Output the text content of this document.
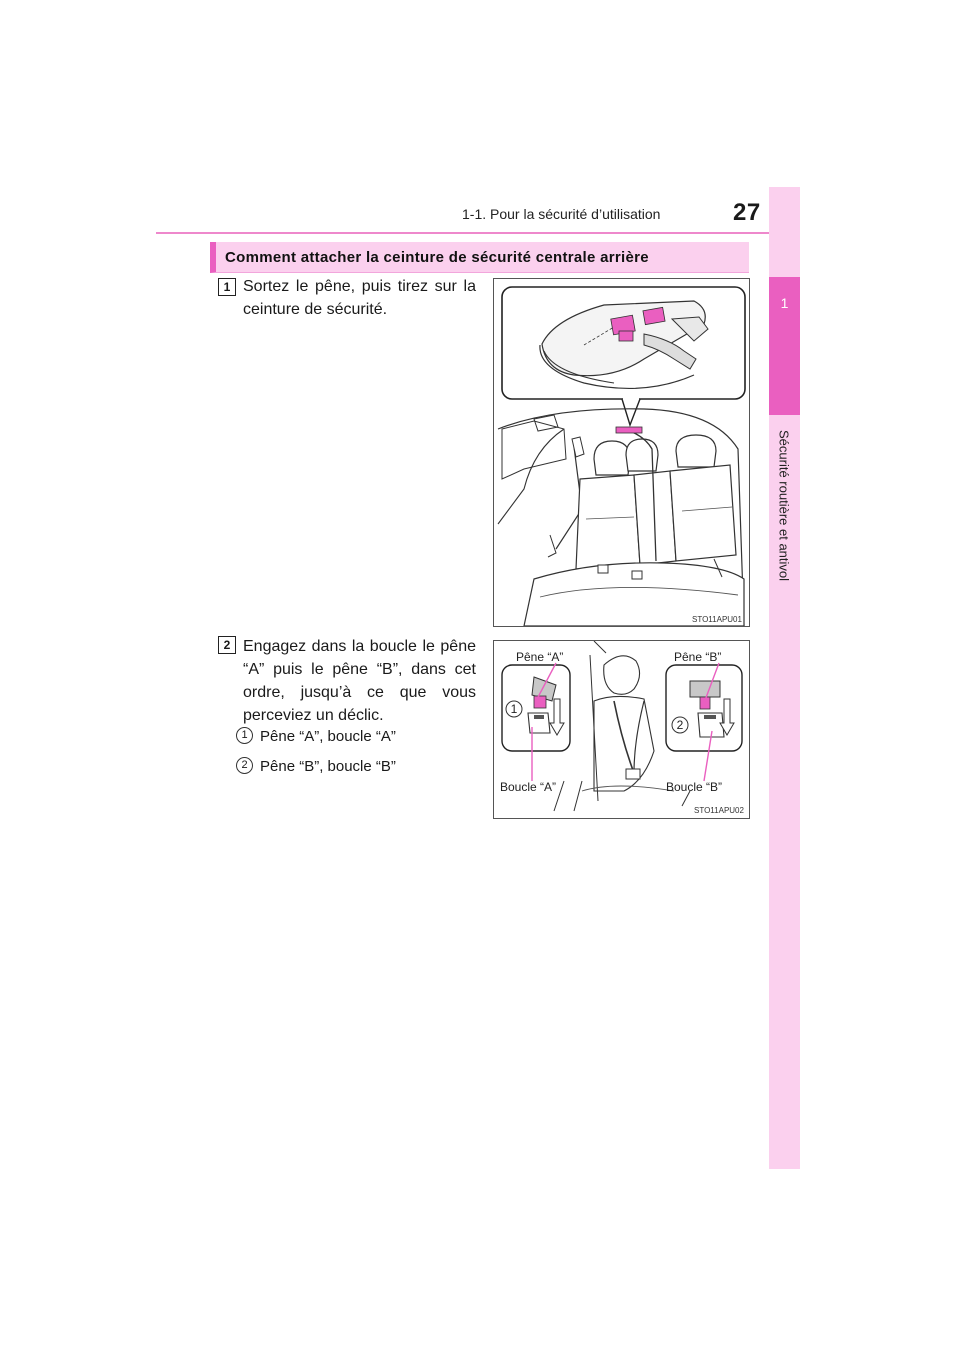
1-1. Pour la sécurité d’utilisation	27
1
Sécurité routière et antivol
Comment attacher la ceinture de sécurité centrale arrière
1 Sortez le pêne, puis tirez sur la ceinture de sécurité.
STO11APU01
2 Engagez dans la boucle le pêne “A” puis le pêne “B”, dans cet ordre, jusqu’à ce que vous perceviez un déclic.
1 Pêne “A”, boucle “A”
2 Pêne “B”, boucle “B”
1
2
Pêne “A”	Pêne “B”
Boucle “A”	Boucle “B”
STO11APU02
